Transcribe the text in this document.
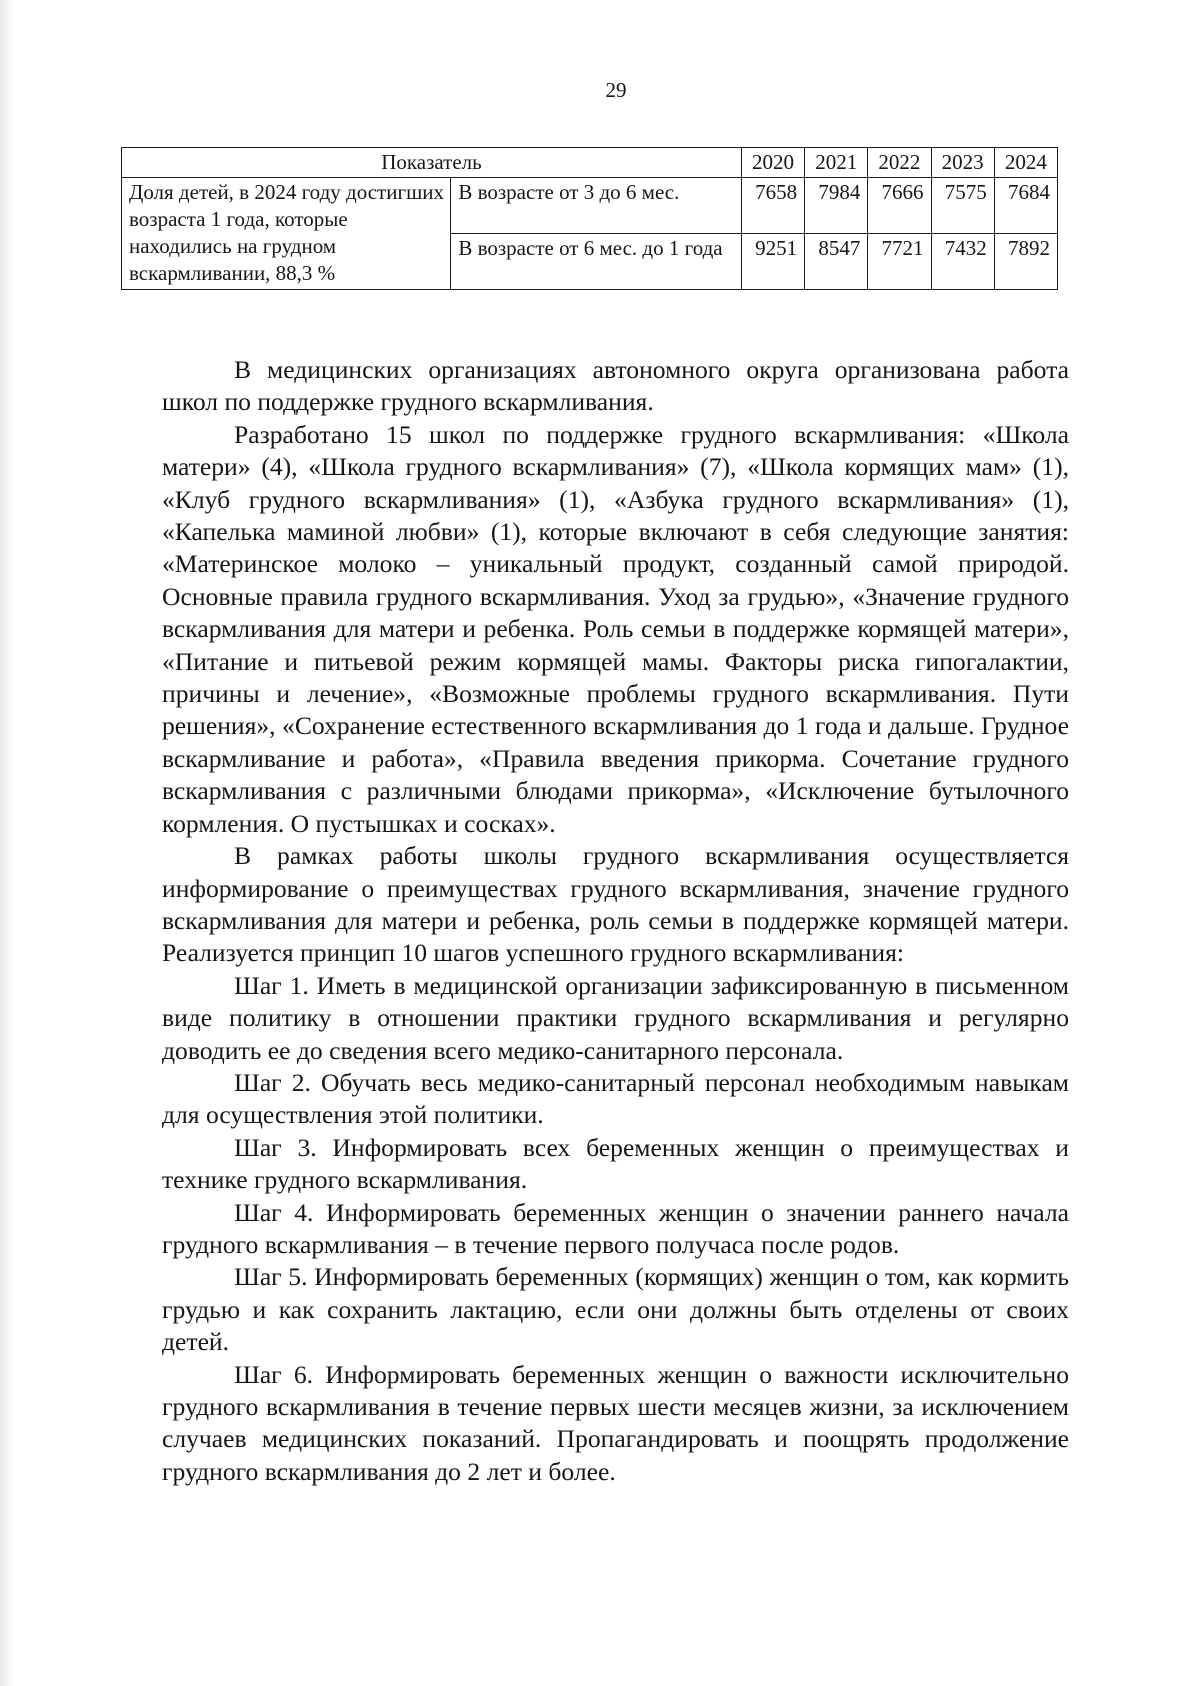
29
Показатель		2020	2021	2022	2023	2024
Доля детей, в 2024 году достигших возраста 1 года, которые находились на грудном вскармливании, 88,3 %	В возрасте от 3 до 6 мес.	7658	7984	7666	7575	7684
	В возрасте от 6 мес. до 1 года	9251	8547	7721	7432	7892

В медицинских организациях автономного округа организована работа школ по поддержке грудного вскармливания.

Разработано 15 школ по поддержке грудного вскармливания: «Школа матери» (4), «Школа грудного вскармливания» (7), «Школа кормящих мам» (1), «Клуб грудного вскармливания» (1), «Азбука грудного вскармливания» (1), «Капелька маминой любви» (1), которые включают в себя следующие занятия: «Материнское молоко – уникальный продукт, созданный самой природой. Основные правила грудного вскармливания. Уход за грудью», «Значение грудного вскармливания для матери и ребенка. Роль семьи в поддержке кормящей матери», «Питание и питьевой режим кормящей мамы. Факторы риска гипогалактии, причины и лечение», «Возможные проблемы грудного вскармливания. Пути решения», «Сохранение естественного вскармливания до 1 года и дальше. Грудное вскармливание и работа», «Правила введения прикорма. Сочетание грудного вскармливания с различными блюдами прикорма», «Исключение бутылочного кормления. О пустышках и сосках».

В рамках работы школы грудного вскармливания осуществляется информирование о преимуществах грудного вскармливания, значение грудного вскармливания для матери и ребенка, роль семьи в поддержке кормящей матери. Реализуется принцип 10 шагов успешного грудного вскармливания:

Шаг 1. Иметь в медицинской организации зафиксированную в письменном виде политику в отношении практики грудного вскармливания и регулярно доводить ее до сведения всего медико-санитарного персонала.

Шаг 2. Обучать весь медико-санитарный персонал необходимым навыкам для осуществления этой политики.

Шаг 3. Информировать всех беременных женщин о преимуществах и технике грудного вскармливания.

Шаг 4. Информировать беременных женщин о значении раннего начала грудного вскармливания – в течение первого получаса после родов.

Шаг 5. Информировать беременных (кормящих) женщин о том, как кормить грудью и как сохранить лактацию, если они должны быть отделены от своих детей.

Шаг 6. Информировать беременных женщин о важности исключительно грудного вскармливания в течение первых шести месяцев жизни, за исключением случаев медицинских показаний. Пропагандировать и поощрять продолжение грудного вскармливания до 2 лет и более.
